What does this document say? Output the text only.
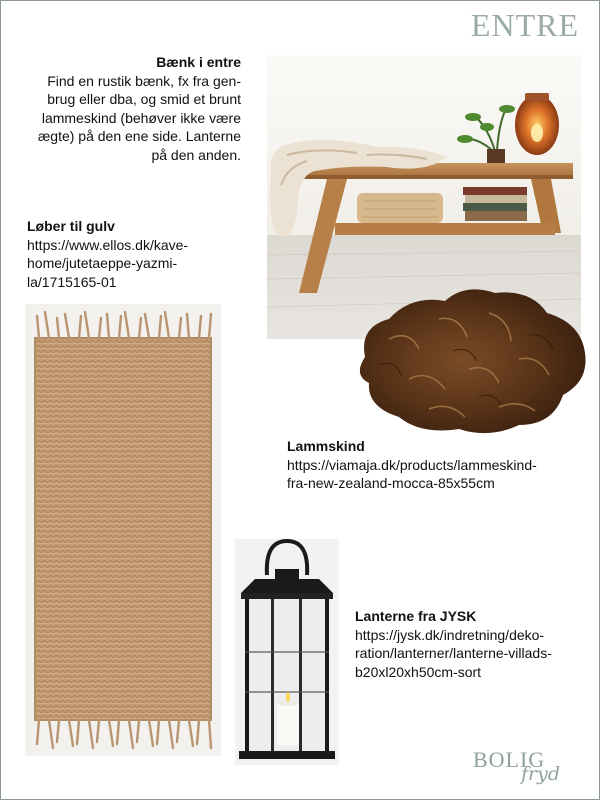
ENTRE
Bænk i entre
Find en rustik bænk, fx fra gen-
brug eller dba, og smid et brunt
lammeskind (behøver ikke være
ægte) på den ene side. Lanterne
på den anden.
Løber til gulv
https://www.ellos.dk/kave-
home/jutetaeppe-yazmi-
la/1715165-01
Lammskind
https://viamaja.dk/products/lammeskind-
fra-new-zealand-mocca-85x55cm
Lanterne fra JYSK
https://jysk.dk/indretning/deko-
ration/lanterner/lanterne-villads-
b20xl20xh50cm-sort
BOLIG
fryd
